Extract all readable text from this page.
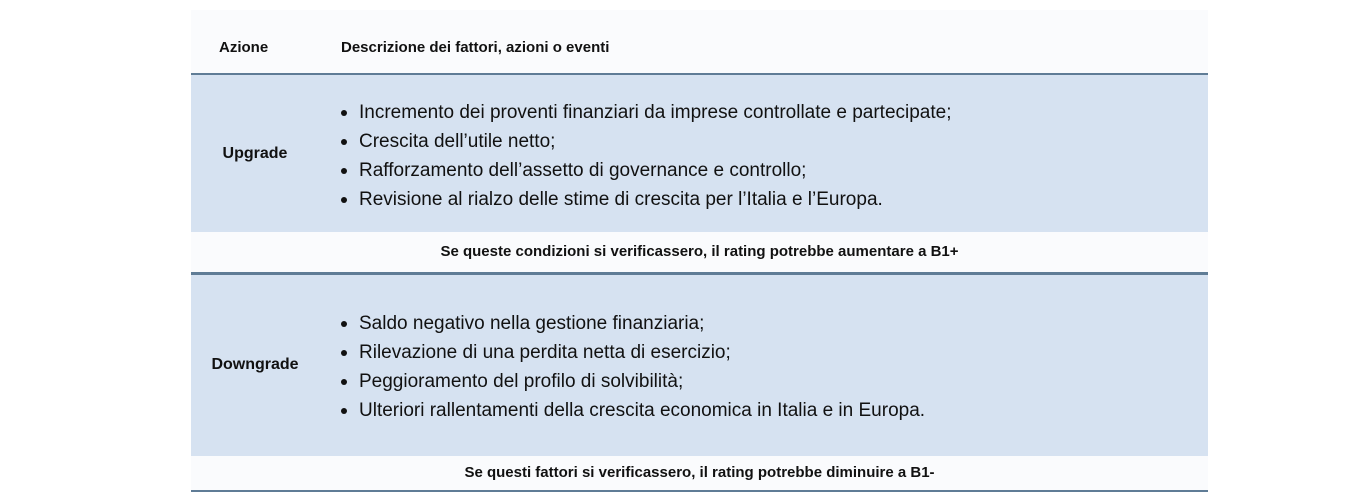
Azione	Descrizione dei fattori, azioni o eventi
Upgrade
Incremento dei proventi finanziari da imprese controllate e partecipate;
Crescita dell’utile netto;
Rafforzamento dell’assetto di governance e controllo;
Revisione al rialzo delle stime di crescita per l’Italia e l’Europa.
Se queste condizioni si verificassero, il rating potrebbe aumentare a B1+
Downgrade
Saldo negativo nella gestione finanziaria;
Rilevazione di una perdita netta di esercizio;
Peggioramento del profilo di solvibilità;
Ulteriori rallentamenti della crescita economica in Italia e in Europa.
Se questi fattori si verificassero, il rating potrebbe diminuire a B1-
